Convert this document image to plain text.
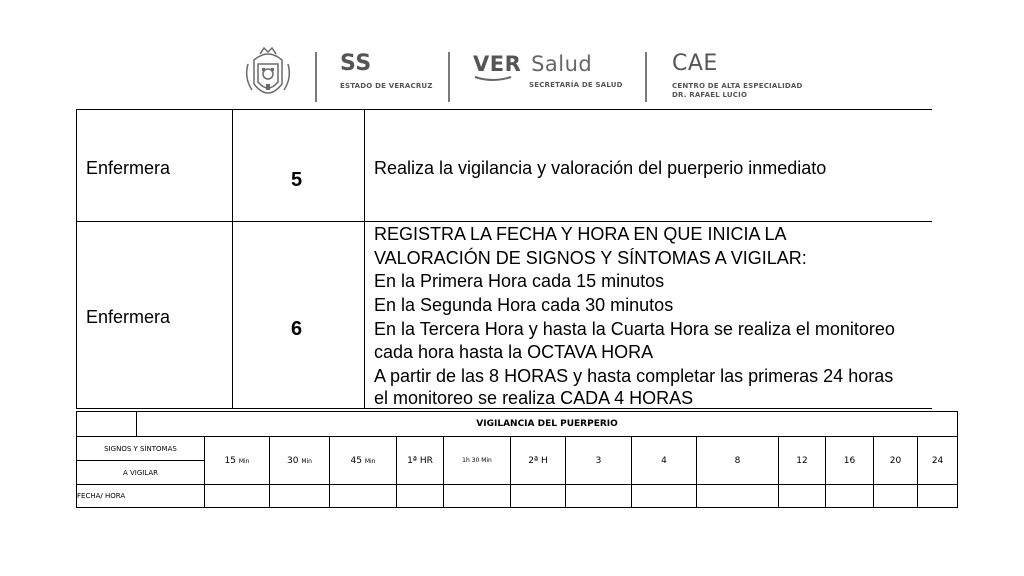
SS
ESTADO DE VERACRUZ
VER Salud
SECRETARÍA DE SALUD
CAE
CENTRO DE ALTA ESPECIALIDAD
DR. RAFAEL LUCIO
Enfermera
5
Realiza la vigilancia y valoración del puerperio inmediato
Enfermera
6
REGISTRA LA FECHA Y HORA EN QUE INICIA LA
VALORACIÓN DE SIGNOS Y SÍNTOMAS A VIGILAR:
En la Primera Hora cada 15 minutos
En la Segunda Hora cada 30 minutos
En la Tercera Hora y hasta la Cuarta Hora se realiza el monitoreo
cada hora hasta la OCTAVA HORA
A partir de las 8 HORAS y hasta completar las primeras 24 horas
el monitoreo se realiza CADA 4 HORAS
	VIGILANCIA DEL PUERPERIO													
SIGNOS Y SÍNTOMAS		15 Min	30 Min	45 Min	1ª HR	1h 30 Min	2ª H	3	4	8	12	16	20	24
A VIGILAR														
FECHA/ HORA														
